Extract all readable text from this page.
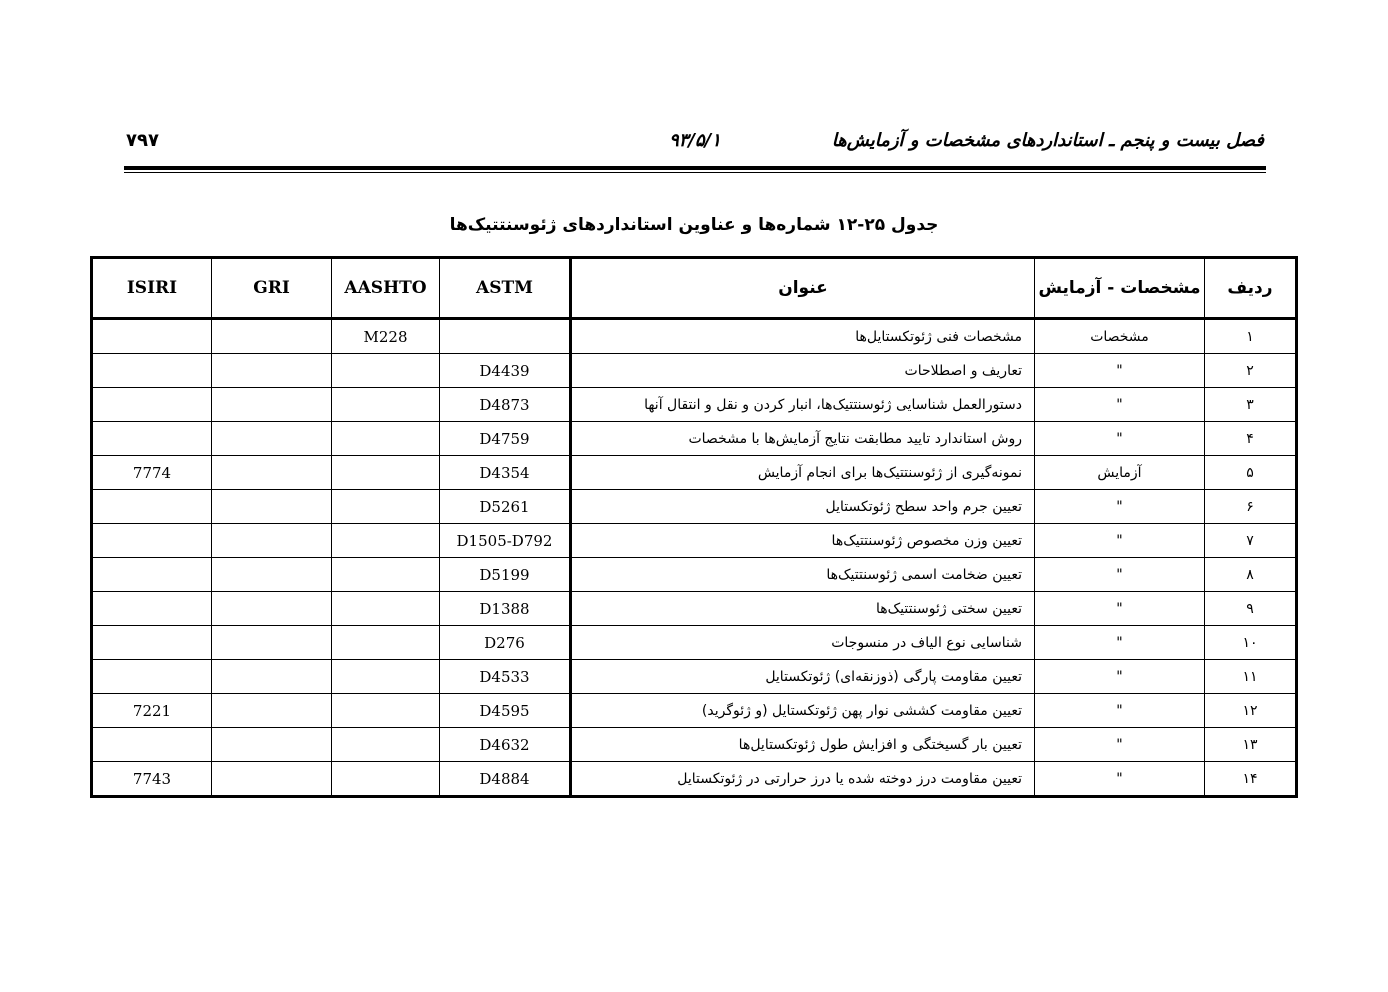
فصل بیست و پنجم ـ استانداردهای مشخصات و آزمایش‌ها
۹۳/۵/۱
۷۹۷
جدول ۲۵-۱۲ شماره‌ها و عناوین استانداردهای ژئوسنتتیک‌ها
ردیف	مشخصات - آزمایش	عنوان	ASTM	AASHTO	GRI	ISIRI
۱	مشخصات	مشخصات فنی ژئوتکستایل‌ها		M228		
۲	"	تعاریف و اصطلاحات	D4439			
۳	"	دستورالعمل شناسایی ژئوسنتتیک‌ها، انبار کردن و نقل و انتقال آنها	D4873			
۴	"	روش استاندارد تایید مطابقت نتایج آزمایش‌ها با مشخصات	D4759			
۵	آزمایش	نمونه‌گیری از ژئوسنتتیک‌ها برای انجام آزمایش	D4354			7774
۶	"	تعیین جرم واحد سطح ژئوتکستایل	D5261			
۷	"	تعیین وزن مخصوص ژئوسنتتیک‌ها	D1505-D792			
۸	"	تعیین ضخامت اسمی ژئوسنتتیک‌ها	D5199			
۹	"	تعیین سختی ژئوسنتتیک‌ها	D1388			
۱۰	"	شناسایی نوع الیاف در منسوجات	D276			
۱۱	"	تعیین مقاومت پارگی (ذوزنقه‌ای) ژئوتکستایل	D4533			
۱۲	"	تعیین مقاومت کششی نوار پهن ژئوتکستایل (و ژئوگرید)	D4595			7221
۱۳	"	تعیین بار گسیختگی و افزایش طول ژئوتکستایل‌ها	D4632			
۱۴	"	تعیین مقاومت درز دوخته شده یا درز حرارتی در ژئوتکستایل	D4884			7743
